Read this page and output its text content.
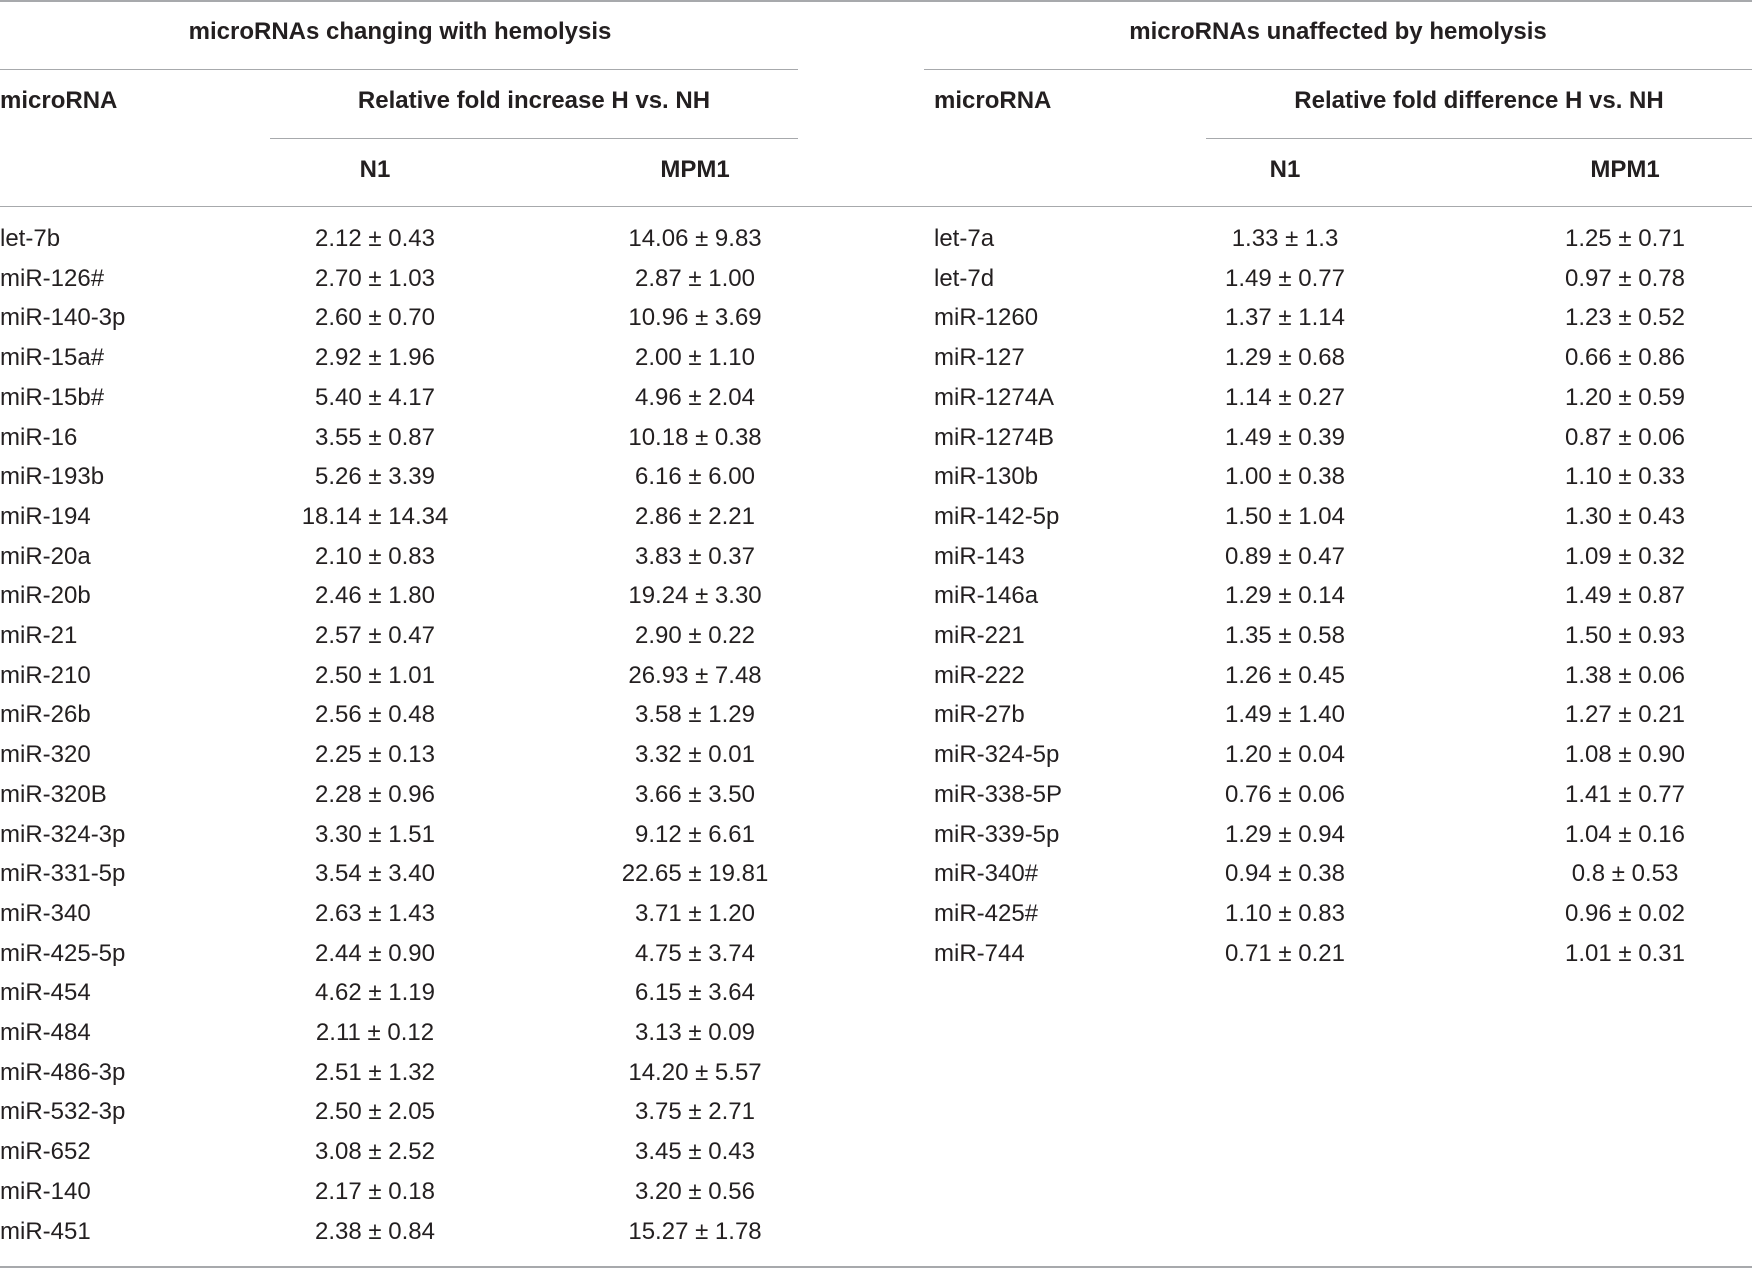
microRNAs changing with hemolysis	microRNAs unaffected by hemolysis
microRNA	Relative fold increase H vs. NH	microRNA	Relative fold difference H vs. NH
N1	MPM1	N1	MPM1
let-7b	2.12 ± 0.43	14.06 ± 9.83	let-7a	1.33 ± 1.3	1.25 ± 0.71
miR-126#	2.70 ± 1.03	2.87 ± 1.00	let-7d	1.49 ± 0.77	0.97 ± 0.78
miR-140-3p	2.60 ± 0.70	10.96 ± 3.69	miR-1260	1.37 ± 1.14	1.23 ± 0.52
miR-15a#	2.92 ± 1.96	2.00 ± 1.10	miR-127	1.29 ± 0.68	0.66 ± 0.86
miR-15b#	5.40 ± 4.17	4.96 ± 2.04	miR-1274A	1.14 ± 0.27	1.20 ± 0.59
miR-16	3.55 ± 0.87	10.18 ± 0.38	miR-1274B	1.49 ± 0.39	0.87 ± 0.06
miR-193b	5.26 ± 3.39	6.16 ± 6.00	miR-130b	1.00 ± 0.38	1.10 ± 0.33
miR-194	18.14 ± 14.34	2.86 ± 2.21	miR-142-5p	1.50 ± 1.04	1.30 ± 0.43
miR-20a	2.10 ± 0.83	3.83 ± 0.37	miR-143	0.89 ± 0.47	1.09 ± 0.32
miR-20b	2.46 ± 1.80	19.24 ± 3.30	miR-146a	1.29 ± 0.14	1.49 ± 0.87
miR-21	2.57 ± 0.47	2.90 ± 0.22	miR-221	1.35 ± 0.58	1.50 ± 0.93
miR-210	2.50 ± 1.01	26.93 ± 7.48	miR-222	1.26 ± 0.45	1.38 ± 0.06
miR-26b	2.56 ± 0.48	3.58 ± 1.29	miR-27b	1.49 ± 1.40	1.27 ± 0.21
miR-320	2.25 ± 0.13	3.32 ± 0.01	miR-324-5p	1.20 ± 0.04	1.08 ± 0.90
miR-320B	2.28 ± 0.96	3.66 ± 3.50	miR-338-5P	0.76 ± 0.06	1.41 ± 0.77
miR-324-3p	3.30 ± 1.51	9.12 ± 6.61	miR-339-5p	1.29 ± 0.94	1.04 ± 0.16
miR-331-5p	3.54 ± 3.40	22.65 ± 19.81	miR-340#	0.94 ± 0.38	0.8 ± 0.53
miR-340	2.63 ± 1.43	3.71 ± 1.20	miR-425#	1.10 ± 0.83	0.96 ± 0.02
miR-425-5p	2.44 ± 0.90	4.75 ± 3.74	miR-744	0.71 ± 0.21	1.01 ± 0.31
miR-454	4.62 ± 1.19	6.15 ± 3.64
miR-484	2.11 ± 0.12	3.13 ± 0.09
miR-486-3p	2.51 ± 1.32	14.20 ± 5.57
miR-532-3p	2.50 ± 2.05	3.75 ± 2.71
miR-652	3.08 ± 2.52	3.45 ± 0.43
miR-140	2.17 ± 0.18	3.20 ± 0.56
miR-451	2.38 ± 0.84	15.27 ± 1.78
